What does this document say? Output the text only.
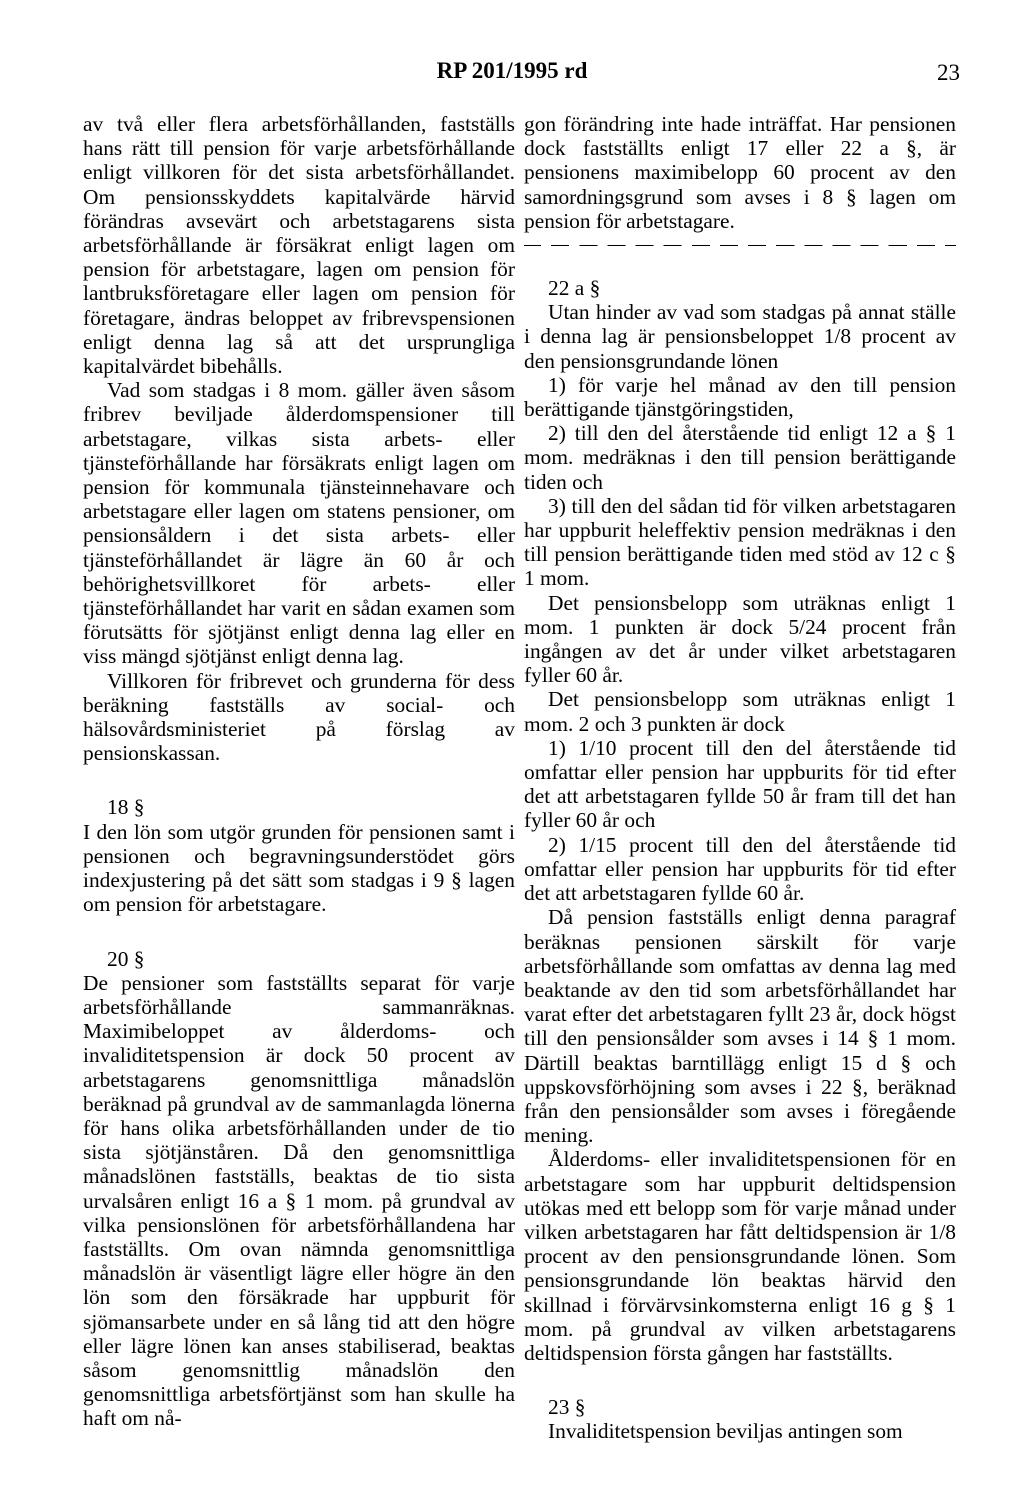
RP 201/1995 rd	23

av två eller flera arbetsförhållanden, fastställs hans rätt till pension för varje arbetsförhållande enligt villkoren för det sista arbetsförhållandet. Om pensionsskyddets kapitalvärde härvid förändras avsevärt och arbetstagarens sista arbetsförhållande är försäkrat enligt lagen om pension för arbetstagare, lagen om pension för lantbruksföretagare eller lagen om pension för företagare, ändras beloppet av fribrevspensionen enligt denna lag så att det ursprungliga kapitalvärdet bibehålls.

Vad som stadgas i 8 mom. gäller även såsom fribrev beviljade ålderdomspensioner till arbetstagare, vilkas sista arbets- eller tjänsteförhållande har försäkrats enligt lagen om pension för kommunala tjänsteinnehavare och arbetstagare eller lagen om statens pensioner, om pensionsåldern i det sista arbets- eller tjänsteförhållandet är lägre än 60 år och behörighetsvillkoret för arbets- eller tjänsteförhållandet har varit en sådan examen som förutsätts för sjötjänst enligt denna lag eller en viss mängd sjötjänst enligt denna lag.

Villkoren för fribrevet och grunderna för dess beräkning fastställs av social- och hälsovårdsministeriet på förslag av pensionskassan.

18 §

I den lön som utgör grunden för pensionen samt i pensionen och begravningsunderstödet görs indexjustering på det sätt som stadgas i 9 § lagen om pension för arbetstagare.

20 §

De pensioner som fastställts separat för varje arbetsförhållande sammanräknas. Maximibeloppet av ålderdoms- och invaliditetspension är dock 50 procent av arbetstagarens genomsnittliga månadslön beräknad på grundval av de sammanlagda lönerna för hans olika arbetsförhållanden under de tio sista sjötjänståren. Då den genomsnittliga månadslönen fastställs, beaktas de tio sista urvalsåren enligt 16 a § 1 mom. på grundval av vilka pensionslönen för arbetsförhållandena har fastställts. Om ovan nämnda genomsnittliga månadslön är väsentligt lägre eller högre än den lön som den försäkrade har uppburit för sjömansarbete under en så lång tid att den högre eller lägre lönen kan anses stabiliserad, beaktas såsom genomsnittlig månadslön den genomsnittliga arbetsförtjänst som han skulle ha haft om nå-

gon förändring inte hade inträffat. Har pensionen dock fastställts enligt 17 eller 22 a §, är pensionens maximibelopp 60 procent av den samordningsgrund som avses i 8 § lagen om pension för arbetstagare.

22 a §

Utan hinder av vad som stadgas på annat ställe i denna lag är pensionsbeloppet 1/8 procent av den pensionsgrundande lönen

1) för varje hel månad av den till pension berättigande tjänstgöringstiden,

2) till den del återstående tid enligt 12 a § 1 mom. medräknas i den till pension berättigande tiden och

3) till den del sådan tid för vilken arbetstagaren har uppburit heleffektiv pension medräknas i den till pension berättigande tiden med stöd av 12 c § 1 mom.

Det pensionsbelopp som uträknas enligt 1 mom. 1 punkten är dock 5/24 procent från ingången av det år under vilket arbetstagaren fyller 60 år.

Det pensionsbelopp som uträknas enligt 1 mom. 2 och 3 punkten är dock

1) 1/10 procent till den del återstående tid omfattar eller pension har uppburits för tid efter det att arbetstagaren fyllde 50 år fram till det han fyller 60 år och

2) 1/15 procent till den del återstående tid omfattar eller pension har uppburits för tid efter det att arbetstagaren fyllde 60 år.

Då pension fastställs enligt denna paragraf beräknas pensionen särskilt för varje arbetsförhållande som omfattas av denna lag med beaktande av den tid som arbetsförhållandet har varat efter det arbetstagaren fyllt 23 år, dock högst till den pensionsålder som avses i 14 § 1 mom. Därtill beaktas barntillägg enligt 15 d § och uppskovsförhöjning som avses i 22 §, beräknad från den pensionsålder som avses i föregående mening.

Ålderdoms- eller invaliditetspensionen för en arbetstagare som har uppburit deltidspension utökas med ett belopp som för varje månad under vilken arbetstagaren har fått deltidspension är 1/8 procent av den pensionsgrundande lönen. Som pensionsgrundande lön beaktas härvid den skillnad i förvärvsinkomsterna enligt 16 g § 1 mom. på grundval av vilken arbetstagarens deltidspension första gången har fastställts.

23 §

Invaliditetspension beviljas antingen som
